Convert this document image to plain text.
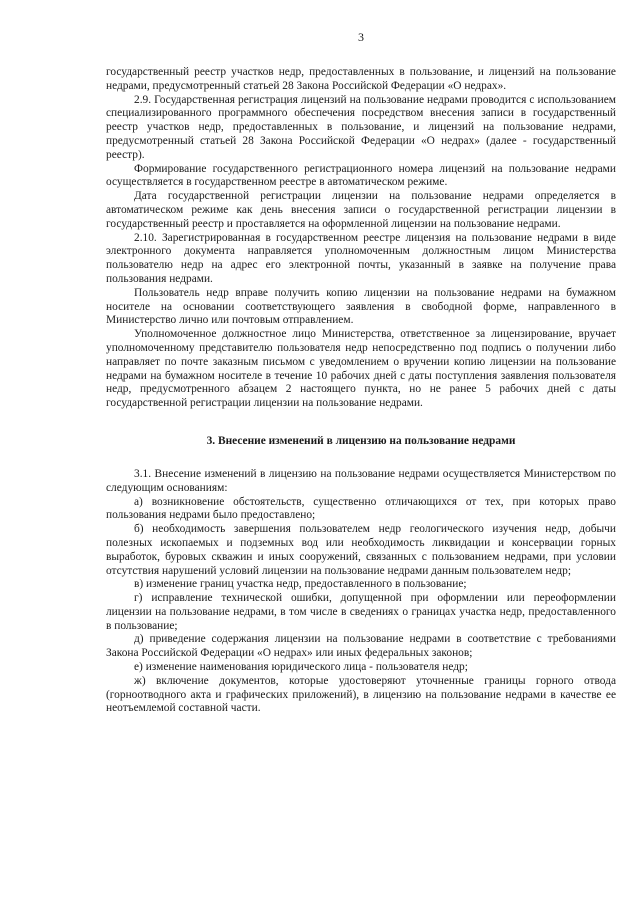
3

государственный реестр участков недр, предоставленных в пользование, и лицензий на пользование недрами, предусмотренный статьей 28 Закона Российской Федерации «О недрах».

2.9. Государственная регистрация лицензий на пользование недрами проводится с использованием специализированного программного обеспечения посредством внесения записи в государственный реестр участков недр, предоставленных в пользование, и лицензий на пользование недрами, предусмотренный статьей 28 Закона Российской Федерации «О недрах» (далее - государственный реестр).

Формирование государственного регистрационного номера лицензий на пользование недрами осуществляется в государственном реестре в автоматическом режиме.

Дата государственной регистрации лицензии на пользование недрами определяется в автоматическом режиме как день внесения записи о государственной регистрации лицензии в государственный реестр и проставляется на оформленной лицензии на пользование недрами.

2.10. Зарегистрированная в государственном реестре лицензия на пользование недрами в виде электронного документа направляется уполномоченным должностным лицом Министерства пользователю недр на адрес его электронной почты, указанный в заявке на получение права пользования недрами.

Пользователь недр вправе получить копию лицензии на пользование недрами на бумажном носителе на основании соответствующего заявления в свободной форме, направленного в Министерство лично или почтовым отправлением.

Уполномоченное должностное лицо Министерства, ответственное за лицензирование, вручает уполномоченному представителю пользователя недр непосредственно под подпись о получении либо направляет по почте заказным письмом с уведомлением о вручении копию лицензии на пользование недрами на бумажном носителе в течение 10 рабочих дней с даты поступления заявления пользователя недр, предусмотренного абзацем 2 настоящего пункта, но не ранее 5 рабочих дней с даты государственной регистрации лицензии на пользование недрами.

3. Внесение изменений в лицензию на пользование недрами

3.1. Внесение изменений в лицензию на пользование недрами осуществляется Министерством по следующим основаниям:

а) возникновение обстоятельств, существенно отличающихся от тех, при которых право пользования недрами было предоставлено;

б) необходимость завершения пользователем недр геологического изучения недр, добычи полезных ископаемых и подземных вод или необходимость ликвидации и консервации горных выработок, буровых скважин и иных сооружений, связанных с пользованием недрами, при условии отсутствия нарушений условий лицензии на пользование недрами данным пользователем недр;

в) изменение границ участка недр, предоставленного в пользование;

г) исправление технической ошибки, допущенной при оформлении или переоформлении лицензии на пользование недрами, в том числе в сведениях о границах участка недр, предоставленного в пользование;

д) приведение содержания лицензии на пользование недрами в соответствие с требованиями Закона Российской Федерации «О недрах» или иных федеральных законов;

е) изменение наименования юридического лица - пользователя недр;

ж) включение документов, которые удостоверяют уточненные границы горного отвода (горноотводного акта и графических приложений), в лицензию на пользование недрами в качестве ее неотъемлемой составной части.
